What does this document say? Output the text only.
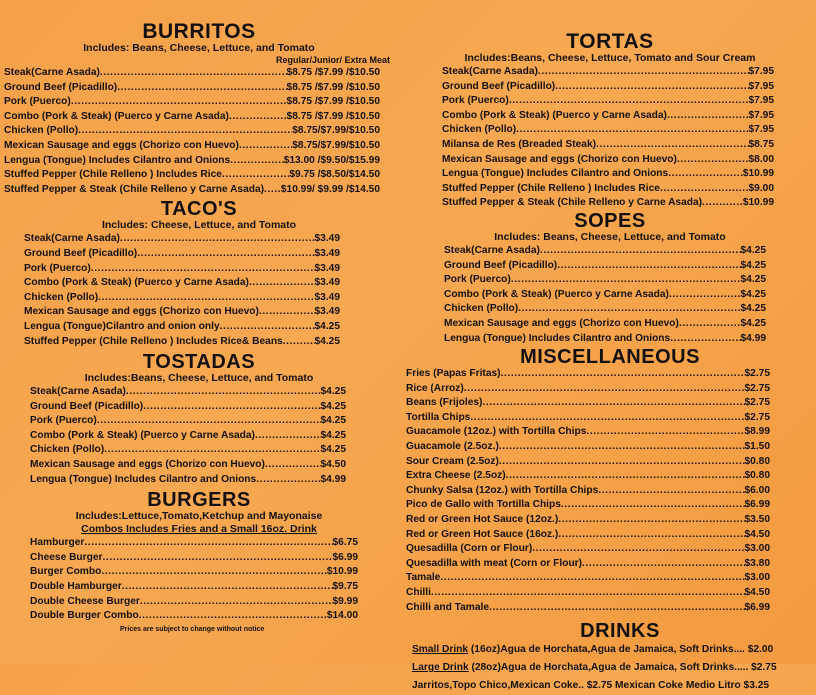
BURRITOS

Includes: Beans, Cheese, Lettuce, and Tomato

Regular/Junior/ Extra Meat

Steak(Carne Asada) .....	$8.75 /$7.99 /$10.50
Ground Beef (Picadillo) .....	$8.75 /$7.99 /$10.50
Pork (Puerco) .....	$8.75 /$7.99 /$10.50
Combo (Pork & Steak) (Puerco y Carne Asada) .....	$8.75 /$7.99 /$10.50
Chicken (Pollo) .....	$8.75/$7.99/$10.50
Mexican Sausage and eggs (Chorizo con Huevo) .....	$8.75/$7.99/$10.50
Lengua (Tongue) Includes Cilantro and Onions .....	$13.00 /$9.50/$15.99
Stuffed Pepper (Chile Relleno ) Includes Rice .....	$9.75 /$8.50/$14.50
Stuffed Pepper & Steak (Chile Relleno y Carne Asada) ..... $10.99/ $9.99 /$14.50
TACO'S

Includes: Cheese, Lettuce, and Tomato

Steak(Carne Asada) .....	$3.49
Ground Beef (Picadillo) .....	$3.49
Pork (Puerco) .....	$3.49
Combo (Pork & Steak) (Puerco y Carne Asada) .....	$3.49
Chicken (Pollo) .....	$3.49
Mexican Sausage and eggs (Chorizo con Huevo) .....	$3.49
Lengua (Tongue)Cilantro and onion only .....	$4.25
Stuffed Pepper (Chile Relleno ) Includes Rice& Beans .....	$4.25
TOSTADAS

Includes:Beans, Cheese, Lettuce, and Tomato

Steak(Carne Asada) .....	$4.25
Ground Beef (Picadillo) .....	$4.25
Pork (Puerco) .....	$4.25
Combo (Pork & Steak) (Puerco y Carne Asada) .....	$4.25
Chicken (Pollo) .....	$4.25
Mexican Sausage and eggs (Chorizo con Huevo) .....	$4.50
Lengua (Tongue) Includes Cilantro and Onions .....	$4.99
BURGERS

Includes:Lettuce,Tomato,Ketchup and Mayonaise

Combos Includes Fries and a Small 16oz. Drink

Hamburger .....	$6.75
Cheese Burger .....	$6.99
Burger Combo .....	$10.99
Double Hamburger .....	$9.75
Double Cheese Burger .....	$9.99
Double Burger Combo .....	$14.00

Prices are subject to change without notice

TORTAS

Includes:Beans, Cheese, Lettuce, Tomato and Sour Cream

Steak(Carne Asada) .....	$7.95
Ground Beef (Picadillo) .....	$7.95
Pork (Puerco) .....	$7.95
Combo (Pork & Steak) (Puerco y Carne Asada) .....	$7.95
Chicken (Pollo) .....	$7.95
Milansa de Res (Breaded Steak) .....	$8.75
Mexican Sausage and eggs (Chorizo con Huevo) .....	$8.00
Lengua (Tongue) Includes Cilantro and Onions .....	$10.99
Stuffed Pepper (Chile Relleno ) Includes Rice .....	$9.00
Stuffed Pepper & Steak (Chile Relleno y Carne Asada) .....	$10.99
SOPES

Includes: Beans, Cheese, Lettuce, and Tomato

Steak(Carne Asada) .....	$4.25
Ground Beef (Picadillo) .....	$4.25
Pork (Puerco) .....	$4.25
Combo (Pork & Steak) (Puerco y Carne Asada) .....	$4.25
Chicken (Pollo) .....	$4.25
Mexican Sausage and eggs (Chorizo con Huevo) .....	$4.25
Lengua (Tongue) Includes Cilantro and Onions .....	$4.99
MISCELLANEOUS
Fries (Papas Fritas) .....	$2.75
Rice (Arroz) .....	$2.75
Beans (Frijoles) .....	$2.75
Tortilla Chips .....	$2.75
Guacamole (12oz.) with Tortilla Chips .....	$8.99
Guacamole (2.5oz.) .....	$1.50
Sour Cream (2.5oz) .....	$0.80
Extra Cheese (2.5oz) .....	$0.80
Chunky Salsa (12oz.) with Tortilla Chips .....	$6.00
Pico de Gallo with Tortilla Chips .....	$6.99
Red or Green Hot Sauce (12oz.) .....	$3.50
Red or Green Hot Sauce (16oz.) .....	$4.50
Quesadilla (Corn or Flour) .....	$3.00
Quesadilla with meat (Corn or Flour) .....	$3.80
Tamale .....	$3.00
Chilli .....	$4.50
Chilli and Tamale .....	$6.99
DRINKS
Small Drink (16oz)Agua de Horchata,Agua de Jamaica, Soft Drinks.... $2.00
Large Drink (28oz)Agua de Horchata,Agua de Jamaica, Soft Drinks..... $2.75
Jarritos,Topo Chico,Mexican Coke.. $2.75 Mexican Coke Medio Litro $3.25
